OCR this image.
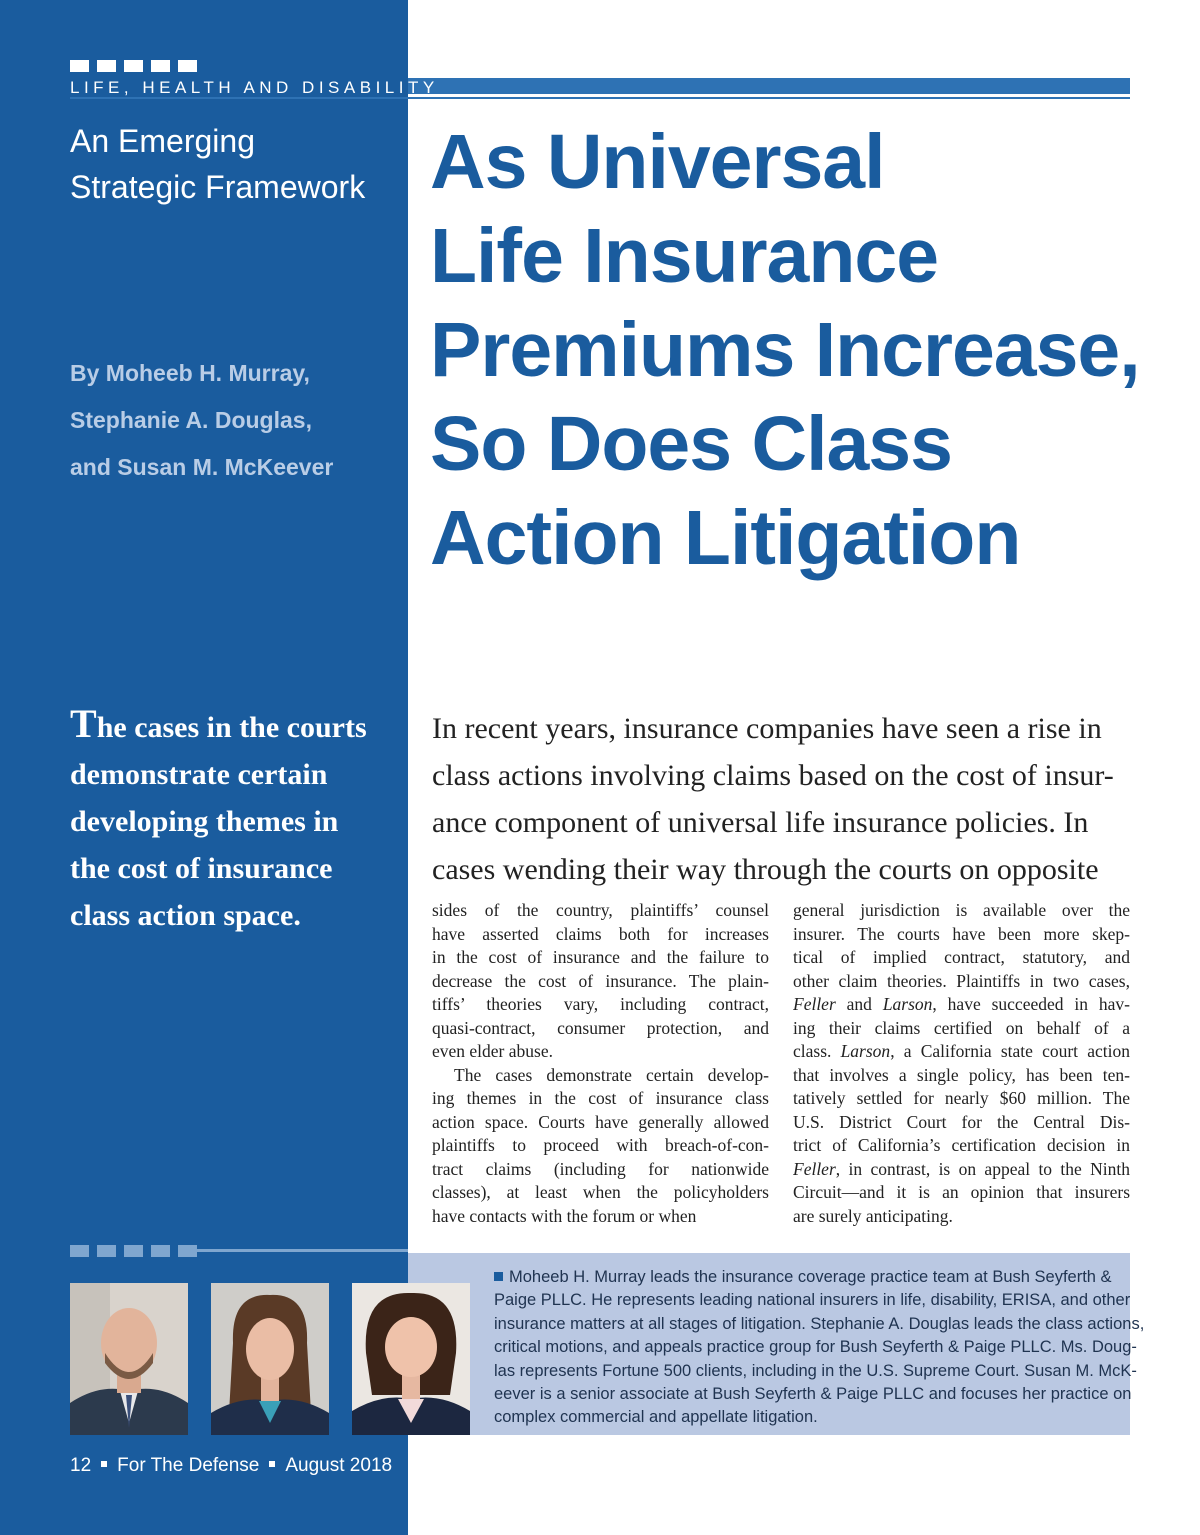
LIFE, HEALTH AND DISABILITY
An Emerging Strategic Framework
By Moheeb H. Murray,
Stephanie A. Douglas,
and Susan M. McKeever
The cases in the courts
demonstrate certain
developing themes in
the cost of insurance
class action space.
As Universal
Life Insurance
Premiums Increase,
So Does Class
Action Litigation
In recent years, insurance companies have seen a rise in
class actions involving claims based on the cost of insur-
ance component of universal life insurance policies. In
cases wending their way through the courts on opposite
sides of the country, plaintiffs’ counsel
have asserted claims both for increases
in the cost of insurance and the failure to
decrease the cost of insurance. The plain-
tiffs’ theories vary, including contract,
quasi-contract, consumer protection, and
even elder abuse.
The cases demonstrate certain develop-
ing themes in the cost of insurance class
action space. Courts have generally allowed
plaintiffs to proceed with breach-of-con-
tract claims (including for nationwide
classes), at least when the policyholders
have contacts with the forum or when
general jurisdiction is available over the
insurer. The courts have been more skep-
tical of implied contract, statutory, and
other claim theories. Plaintiffs in two cases,
Feller and Larson, have succeeded in hav-
ing their claims certified on behalf of a
class. Larson, a California state court action
that involves a single policy, has been ten-
tatively settled for nearly $60 million. The
U.S. District Court for the Central Dis-
trict of California’s certification decision in
Feller, in contrast, is on appeal to the Ninth
Circuit—and it is an opinion that insurers
are surely anticipating.
Moheeb H. Murray leads the insurance coverage practice team at Bush Seyferth &
Paige PLLC. He represents leading national insurers in life, disability, ERISA, and other
insurance matters at all stages of litigation. Stephanie A. Douglas leads the class actions,
critical motions, and appeals practice group for Bush Seyferth & Paige PLLC. Ms. Doug-
las represents Fortune 500 clients, including in the U.S. Supreme Court. Susan M. McK-
eever is a senior associate at Bush Seyferth & Paige PLLC and focuses her practice on
complex commercial and appellate litigation.
12 For The Defense August 2018
